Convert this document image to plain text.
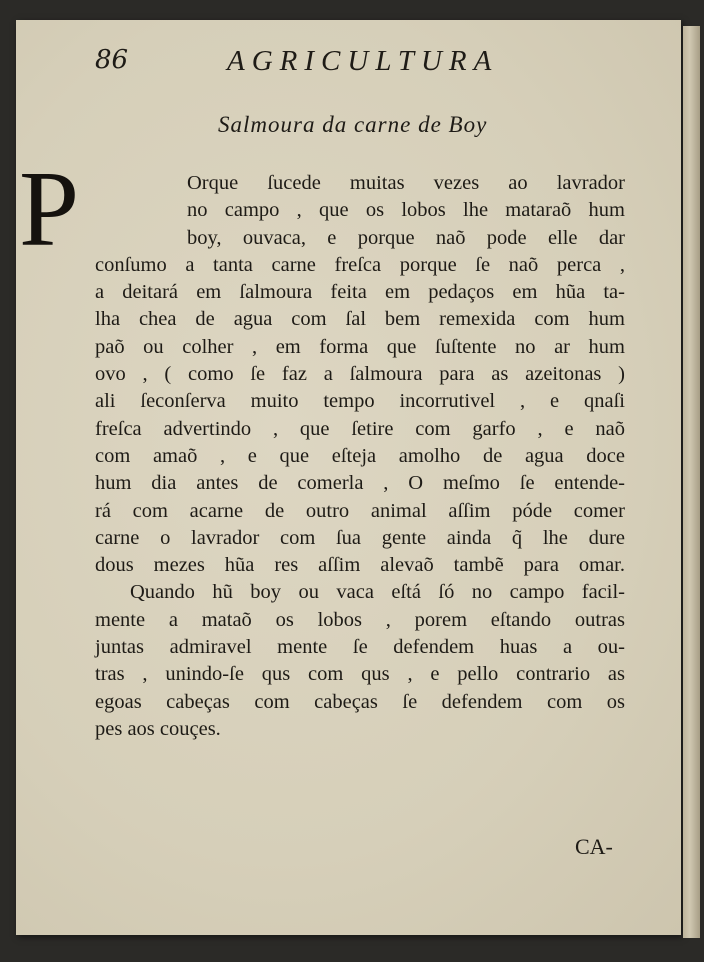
86	AGRICULTURA
Salmoura da carne de Boy
P	Orque ſucede muitas vezes ao lavrador
no campo , que os lobos lhe mataraõ hum
boy, ouvaca, e porque naõ pode elle dar
conſumo a tanta carne freſca porque ſe naõ perca ,
a deitará em ſalmoura feita em pedaços em hũa ta-
lha chea de agua com ſal bem remexida com hum
paõ ou colher , em forma que ſuſtente no ar hum
ovo , ( como ſe faz a ſalmoura para as azeitonas )
ali ſeconſerva muito tempo incorrutivel , e qnaſi
freſca advertindo , que ſetire com garfo , e naõ
com amaõ , e que eſteja amolho de agua doce
hum dia antes de comerla , O meſmo ſe entende-
rá com acarne de outro animal aſſim póde comer
carne o lavrador com ſua gente ainda q̃ lhe dure
dous mezes hũa res aſſim alevaõ tambẽ para omar.
Quando hũ boy ou vaca eſtá ſó no campo facil-
mente a mataõ os lobos , porem eſtando outras
juntas admiravel mente ſe defendem huas a ou-
tras , unindo-ſe qus com qus , e pello contrario as
egoas cabeças com cabeças ſe defendem com os
pes aos couçes.
CA-
